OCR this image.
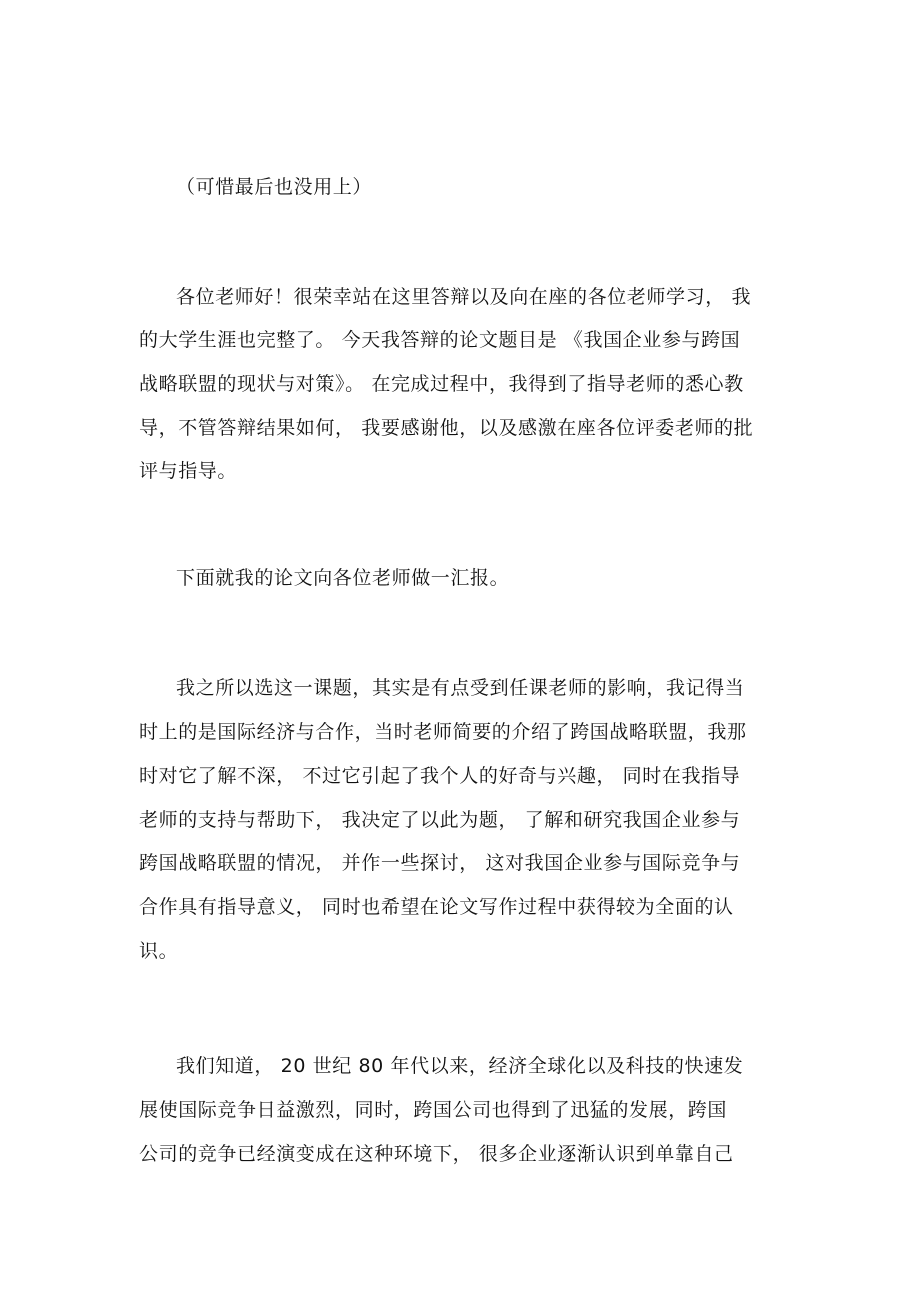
（可惜最后也没用上）
各位老师好！很荣幸站在这里答辩以及向在座的各位老师学习， 我
的大学生涯也完整了。 今天我答辩的论文题目是 《我国企业参与跨国
战略联盟的现状与对策》。 在完成过程中，我得到了指导老师的悉心教
导，不管答辩结果如何， 我要感谢他，以及感激在座各位评委老师的批
评与指导。
下面就我的论文向各位老师做一汇报。
我之所以选这一课题，其实是有点受到任课老师的影响，我记得当
时上的是国际经济与合作，当时老师简要的介绍了跨国战略联盟，我那
时对它了解不深， 不过它引起了我个人的好奇与兴趣， 同时在我指导
老师的支持与帮助下， 我决定了以此为题， 了解和研究我国企业参与
跨国战略联盟的情况， 并作一些探讨， 这对我国企业参与国际竞争与
合作具有指导意义， 同时也希望在论文写作过程中获得较为全面的认
识。
我们知道， 20 世纪 80 年代以来，经济全球化以及科技的快速发
展使国际竞争日益激烈，同时，跨国公司也得到了迅猛的发展，跨国
公司的竞争已经演变成在这种环境下， 很多企业逐渐认识到单靠自己
